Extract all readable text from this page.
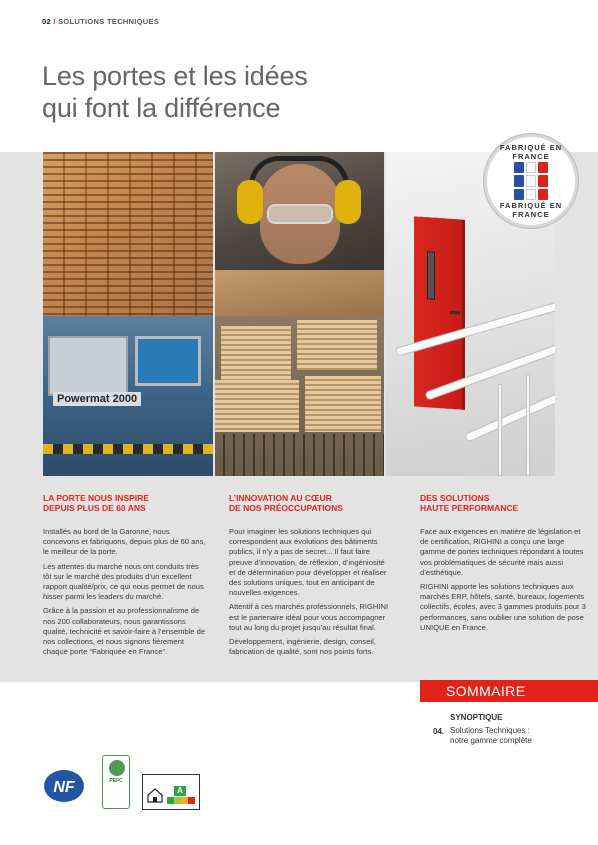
02 / SOLUTIONS TECHNIQUES
Les portes et les idées
qui font la différence
Powermat 2000
FABRIQUÉ EN FRANCE
FABRIQUÉ EN FRANCE
LA PORTE NOUS INSPIRE
DEPUIS PLUS DE 60 ANS

Installés au bord de la Garonne, nous concevons et fabriquons, depuis plus de 60 ans, le meilleur de la porte.

Les attentes du marché nous ont conduits très tôt sur le marché des produits d’un excellent rapport qualité/prix, ce qui nous permet de nous hisser parmi les leaders du marché.

Grâce à la passion et au professionnalisme de nos 200 collaborateurs, nous garantissons qualité, technicité et savoir-faire à l’ensemble de nos collections, et nous signons fièrement chaque porte “Fabriquée en France”.

L’INNOVATION AU CŒUR
DE NOS PRÉOCCUPATIONS

Pour imaginer les solutions techniques qui correspondent aux évolutions des bâtiments publics, il n’y a pas de secret... Il faut faire preuve d’innovation, de réflexion, d’ingéniosité et de détermination pour développer et réaliser des solutions uniques, tout en anticipant de nouvelles exigences.

Attentif à ces marchés professionnels, RIGHINI est le partenaire idéal pour vous accompagner tout au long du projet jusqu’au résultat final.

Développement, ingénierie, design, conseil, fabrication de qualité, sont nos points forts.

DES SOLUTIONS
HAUTE PERFORMANCE

Face aux exigences en matière de législation et de certification, RIGHINI a conçu une large gamme de portes techniques répondant à toutes vos problématiques de sécurité mais aussi d’esthétique.

RIGHINI apporte les solutions techniques aux marchés ERP, hôtels, santé, bureaux, logements collectifs, écoles, avec 3 gammes produits pour 3 performances, sans oublier une solution de pose UNIQUE en France.

SOMMAIRE
SYNOPTIQUE
04. Solutions Techniques :
notre gamme complète
NF	PEFC
A
